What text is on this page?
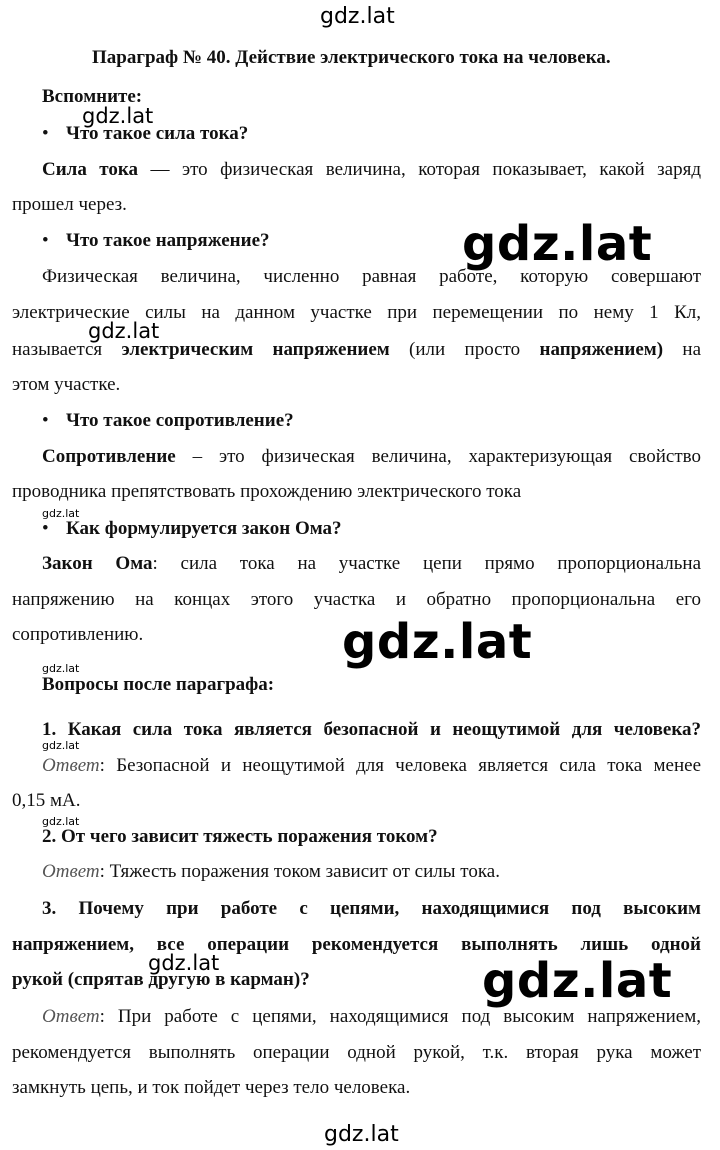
gdz.lat
Параграф № 40. Действие электрического тока на человека.
Вспомните:
gdz.lat
• Что такое сила тока?
Сила тока — это физическая величина, которая показывает, какой заряд
прошел через.
• Что такое напряжение?	gdz.lat
Физическая величина, численно равная работе, которую совершают
электрические силы на данном участке при перемещении по нему 1 Кл,
gdz.lat
называется электрическим напряжением (или просто напряжением) на
этом участке.
• Что такое сопротивление?
Сопротивление – это физическая величина, характеризующая свойство
проводника препятствовать прохождению электрического тока
gdz.lat
• Как формулируется закон Ома?
Закон Ома: сила тока на участке цепи прямо пропорциональна
напряжению на концах этого участка и обратно пропорциональна его
сопротивлению.	gdz.lat
gdz.lat
Вопросы после параграфа:
1. Какая сила тока является безопасной и неощутимой для человека?
gdz.lat
Ответ: Безопасной и неощутимой для человека является сила тока менее
0,15 мА.
gdz.lat
2. От чего зависит тяжесть поражения током?
Ответ: Тяжесть поражения током зависит от силы тока.
3. Почему при работе с цепями, находящимися под высоким
напряжением, все операции рекомендуется выполнять лишь одной
gdz.lat
рукой (спрятав другую в карман)?	gdz.lat
Ответ: При работе с цепями, находящимися под высоким напряжением,
рекомендуется выполнять операции одной рукой, т.к. вторая рука может
замкнуть цепь, и ток пойдет через тело человека.
gdz.lat
